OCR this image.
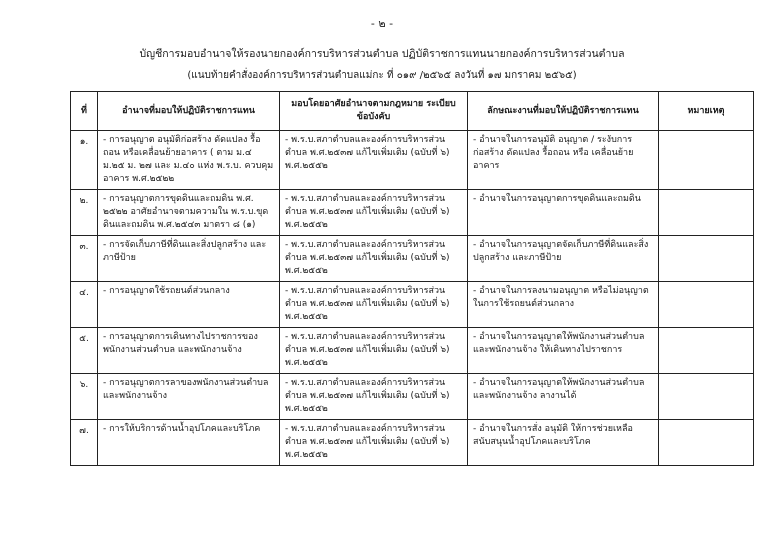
- ๒ -
บัญชีการมอบอำนาจให้รองนายกองค์การบริหารส่วนตำบล ปฏิบัติราชการแทนนายกองค์การบริหารส่วนตำบล
(แนบท้ายคำสั่งองค์การบริหารส่วนตำบลแม่กะ ที่ ๐๑๙ /๒๕๖๕ ลงวันที่ ๑๗ มกราคม ๒๕๖๕)
ที่	อำนาจที่มอบให้ปฏิบัติราชการแทน	มอบโดยอาศัยอำนาจตามกฎหมาย ระเบียบ ข้อบังคับ	ลักษณะงานที่มอบให้ปฏิบัติราชการแทน	หมายเหตุ
๑.	- การอนุญาต อนุมัติก่อสร้าง ดัดแปลง รื้อถอน หรือเคลื่อนย้ายอาคาร ( ตาม ม.๔ ม.๒๕ ม. ๒๗ และ ม.๔๐ แห่ง พ.ร.บ. ควบคุมอาคาร พ.ศ.๒๕๒๒	- พ.ร.บ.สภาตำบลและองค์การบริหารส่วนตำบล พ.ศ.๒๕๓๗ แก้ไขเพิ่มเติม (ฉบับที่ ๖) พ.ศ.๒๕๕๒	- อำนาจในการอนุมัติ อนุญาต / ระงับการก่อสร้าง ดัดแปลง รื้อถอน หรือ เคลื่อนย้ายอาคาร	
๒.	- การอนุญาตการขุดดินและถมดิน พ.ศ. ๒๕๒๒ อาศัยอำนาจตามความใน พ.ร.บ.ขุดดินและถมดิน พ.ศ.๒๕๔๓ มาตรา ๘ (๑)	- พ.ร.บ.สภาตำบลและองค์การบริหารส่วนตำบล พ.ศ.๒๕๓๗ แก้ไขเพิ่มเติม (ฉบับที่ ๖) พ.ศ.๒๕๕๒	- อำนาจในการอนุญาตการขุดดินและถมดิน	
๓.	- การจัดเก็บภาษีที่ดินและสิ่งปลูกสร้าง และภาษีป้าย	- พ.ร.บ.สภาตำบลและองค์การบริหารส่วนตำบล พ.ศ.๒๕๓๗ แก้ไขเพิ่มเติม (ฉบับที่ ๖) พ.ศ.๒๕๕๒	- อำนาจในการอนุญาตจัดเก็บภาษีที่ดินและสิ่งปลูกสร้าง และภาษีป้าย	
๔.	- การอนุญาตใช้รถยนต์ส่วนกลาง	- พ.ร.บ.สภาตำบลและองค์การบริหารส่วนตำบล พ.ศ.๒๕๓๗ แก้ไขเพิ่มเติม (ฉบับที่ ๖) พ.ศ.๒๕๕๒	- อำนาจในการลงนามอนุญาต หรือไม่อนุญาตในการใช้รถยนต์ส่วนกลาง	
๕.	- การอนุญาตการเดินทางไปราชการของพนักงานส่วนตำบล และพนักงานจ้าง	- พ.ร.บ.สภาตำบลและองค์การบริหารส่วนตำบล พ.ศ.๒๕๓๗ แก้ไขเพิ่มเติม (ฉบับที่ ๖) พ.ศ.๒๕๕๒	- อำนาจในการอนุญาตให้พนักงานส่วนตำบล และพนักงานจ้าง ให้เดินทางไปราชการ	
๖.	- การอนุญาตการลาของพนักงานส่วนตำบลและพนักงานจ้าง	- พ.ร.บ.สภาตำบลและองค์การบริหารส่วนตำบล พ.ศ.๒๕๓๗ แก้ไขเพิ่มเติม (ฉบับที่ ๖) พ.ศ.๒๕๕๒	- อำนาจในการอนุญาตให้พนักงานส่วนตำบล และพนักงานจ้าง ลางานได้	
๗.	- การให้บริการด้านน้ำอุปโภคและบริโภค	- พ.ร.บ.สภาตำบลและองค์การบริหารส่วนตำบล พ.ศ.๒๕๓๗ แก้ไขเพิ่มเติม (ฉบับที่ ๖) พ.ศ.๒๕๕๒	- อำนาจในการสั่ง อนุมัติ ให้การช่วยเหลือสนับสนุนน้ำอุปโภคและบริโภค	
